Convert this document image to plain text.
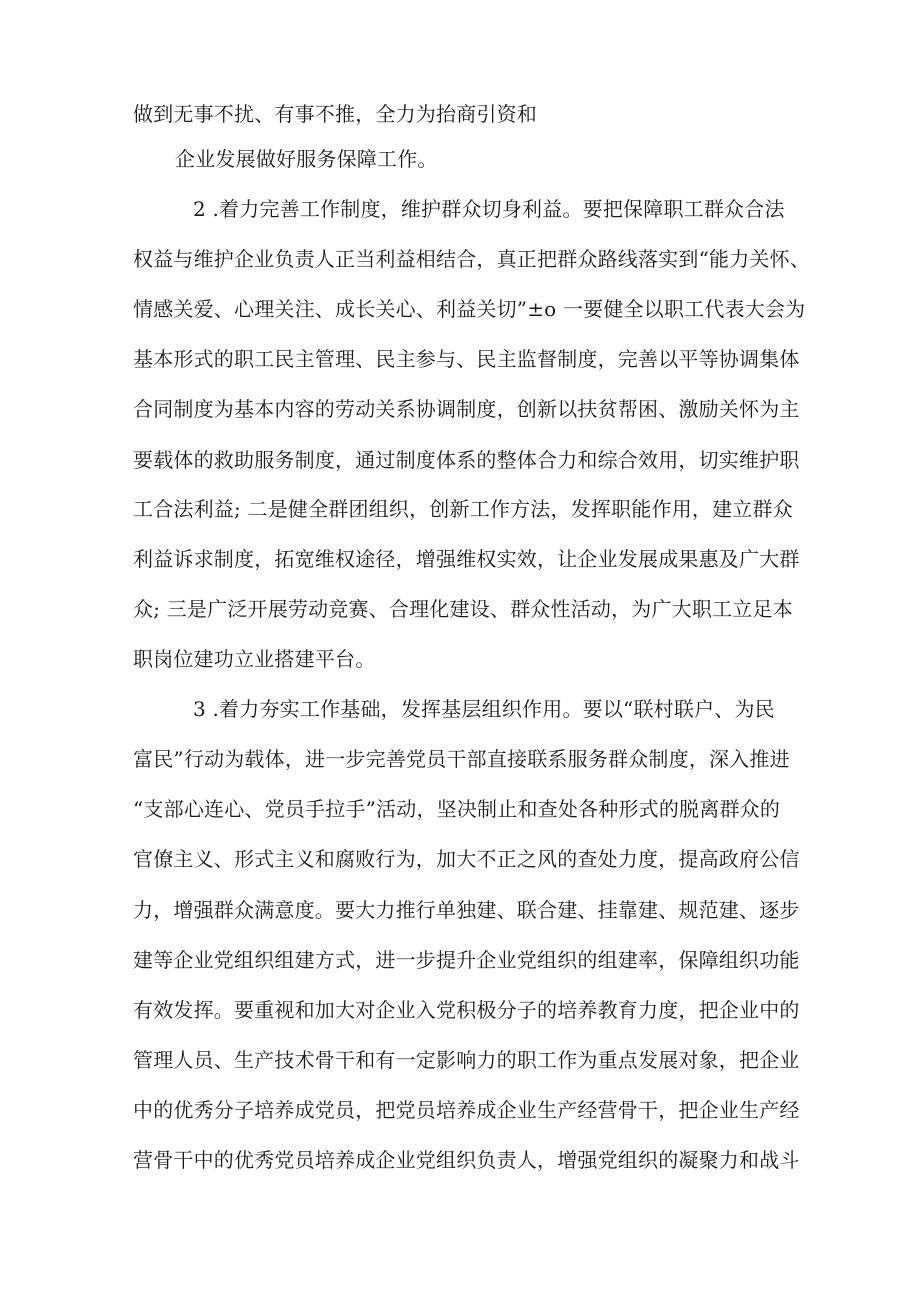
做到无事不扰、有事不推，全力为抬商引资和
企业发展做好服务保障工作。
2 .着力完善工作制度，维护群众切身利益。要把保障职工群众合法
权益与维护企业负责人正当利益相结合，真正把群众路线落实到“能力关怀、
情感关爱、心理关注、成长关心、利益关切”±o 一要健全以职工代表大会为
基本形式的职工民主管理、民主参与、民主监督制度，完善以平等协调集体
合同制度为基本内容的劳动关系协调制度，创新以扶贫帮困、激励关怀为主
要载体的救助服务制度，通过制度体系的整体合力和综合效用，切实维护职
工合法利益; 二是健全群团组织，创新工作方法，发挥职能作用，建立群众
利益诉求制度，拓宽维权途径，增强维权实效，让企业发展成果惠及广大群
众; 三是广泛开展劳动竞赛、合理化建设、群众性活动，为广大职工立足本
职岗位建功立业搭建平台。
3 .着力夯实工作基础，发挥基层组织作用。要以“联村联户、为民
富民”行动为载体，进一步完善党员干部直接联系服务群众制度，深入推进
“支部心连心、党员手拉手”活动，坚决制止和查处各种形式的脱离群众的
官僚主义、形式主义和腐败行为，加大不正之风的查处力度，提高政府公信
力，增强群众满意度。要大力推行单独建、联合建、挂靠建、规范建、逐步
建等企业党组织组建方式，进一步提升企业党组织的组建率，保障组织功能
有效发挥。要重视和加大对企业入党积极分子的培养教育力度，把企业中的
管理人员、生产技术骨干和有一定影响力的职工作为重点发展对象，把企业
中的优秀分子培养成党员，把党员培养成企业生产经营骨干，把企业生产经
营骨干中的优秀党员培养成企业党组织负责人，增强党组织的凝聚力和战斗
